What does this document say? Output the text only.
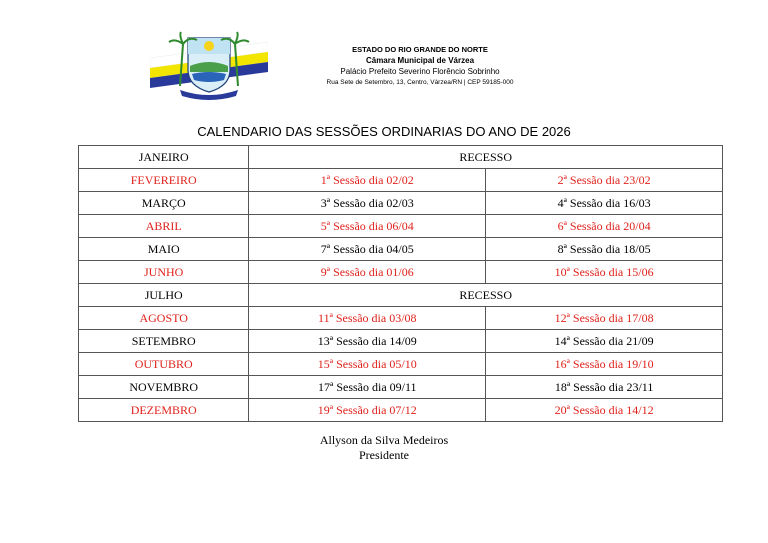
ESTADO DO RIO GRANDE DO NORTE
Câmara Municipal de Várzea
Palácio Prefeito Severino Florêncio Sobrinho
Rua Sete de Setembro, 13, Centro, Várzea/RN | CEP 59185-000
CALENDARIO DAS SESSÕES ORDINARIAS DO ANO DE 2026
JANEIRO	RECESSO	
FEVEREIRO	1ª Sessão dia 02/02	2ª Sessão dia 23/02
MARÇO	3ª Sessão dia 02/03	4ª Sessão dia 16/03
ABRIL	5ª Sessão dia 06/04	6ª Sessão dia 20/04
MAIO	7ª Sessão dia 04/05	8ª Sessão dia 18/05
JUNHO	9ª Sessão dia 01/06	10ª Sessão dia 15/06
JULHO	RECESSO	
AGOSTO	11ª Sessão dia 03/08	12ª Sessão dia 17/08
SETEMBRO	13ª Sessão dia 14/09	14ª Sessão dia 21/09
OUTUBRO	15ª Sessão dia 05/10	16ª Sessão dia 19/10
NOVEMBRO	17ª Sessão dia 09/11	18ª Sessão dia 23/11
DEZEMBRO	19ª Sessão dia 07/12	20ª Sessão dia 14/12
Allyson da Silva Medeiros
Presidente
